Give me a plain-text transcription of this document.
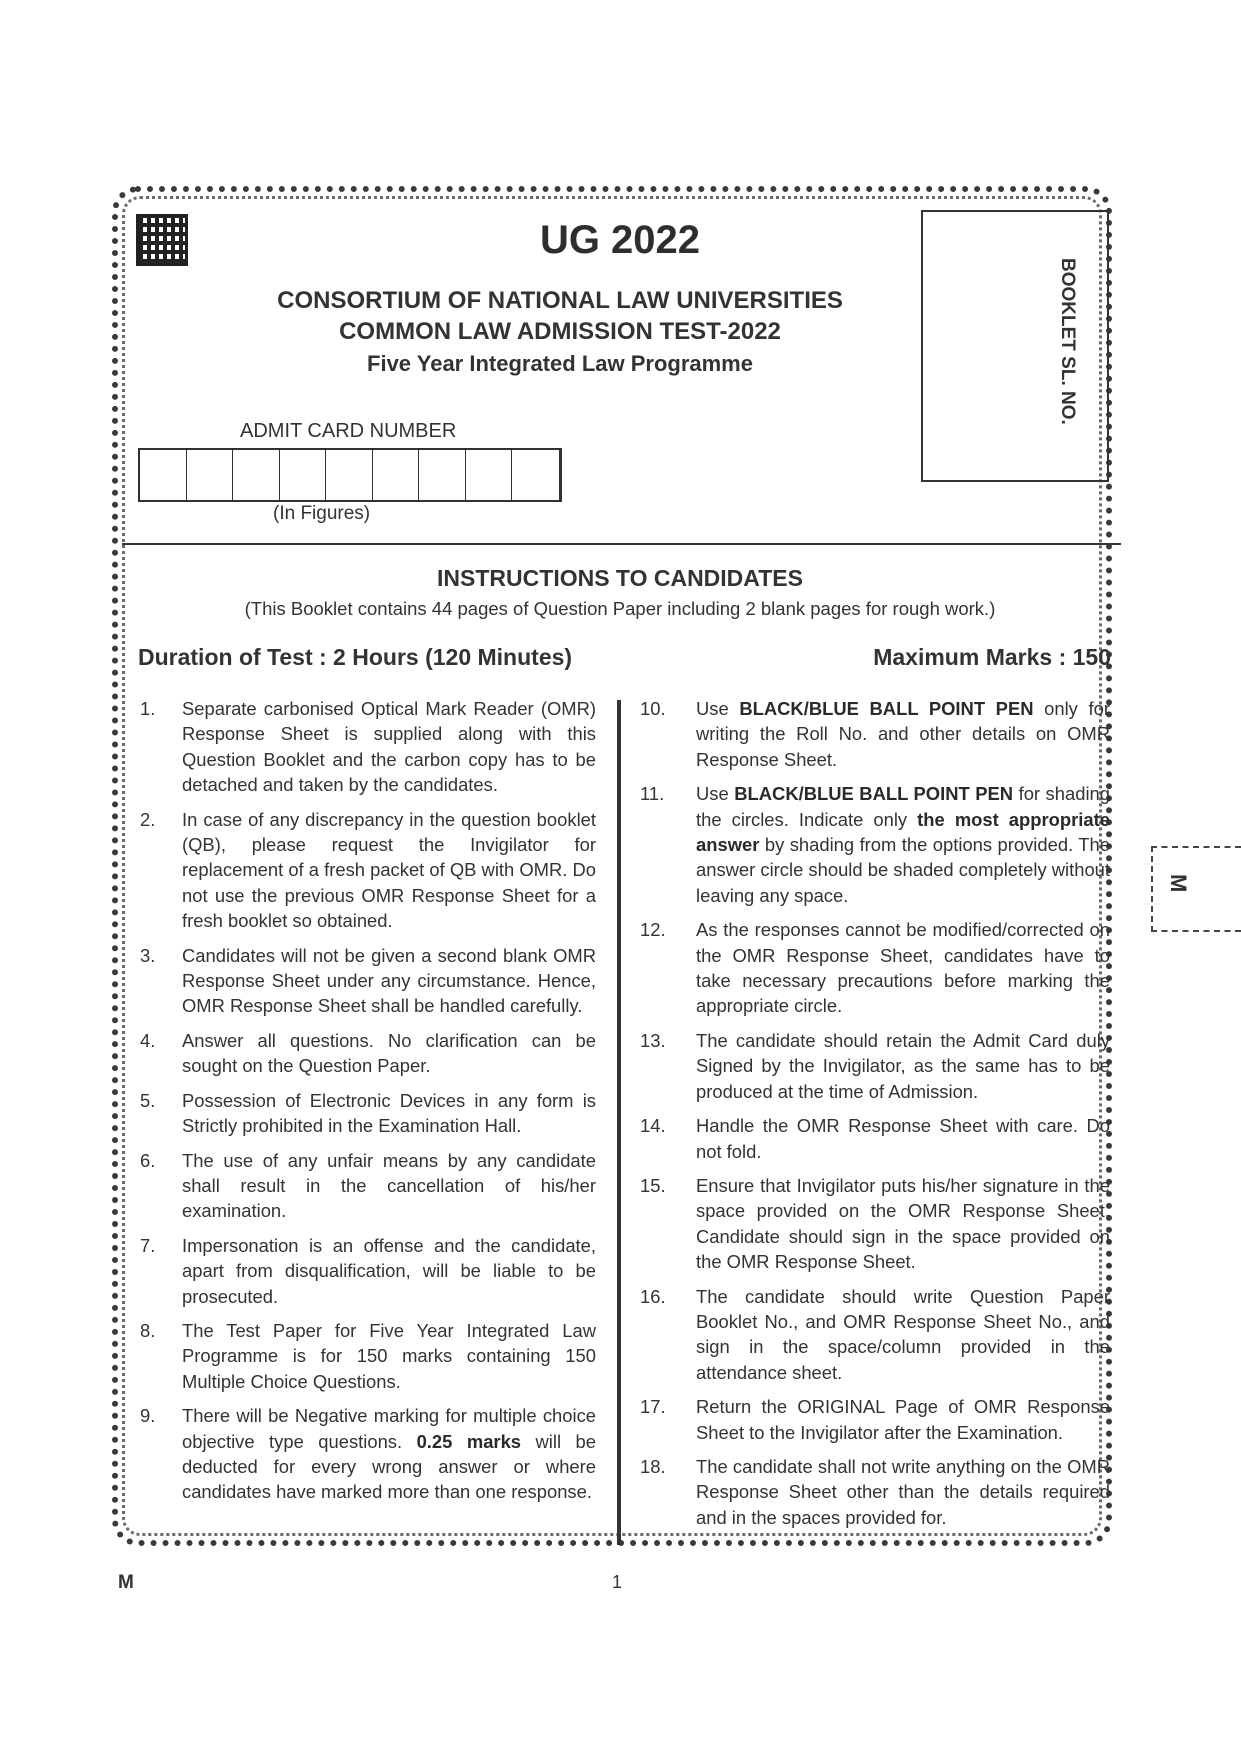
UG 2022
CONSORTIUM OF NATIONAL LAW UNIVERSITIES
COMMON LAW ADMISSION TEST-2022
Five Year Integrated Law Programme
ADMIT CARD NUMBER
(In Figures)
BOOKLET SL. NO.
INSTRUCTIONS TO CANDIDATES
(This Booklet contains 44 pages of Question Paper including 2 blank pages for rough work.)
Duration of Test : 2 Hours (120 Minutes)	Maximum Marks : 150
1.	Separate carbonised Optical Mark Reader (OMR) Response Sheet is supplied along with this Question Booklet and the carbon copy has to be detached and taken by the candidates.
2.	In case of any discrepancy in the question booklet (QB), please request the Invigilator for replacement of a fresh packet of QB with OMR. Do not use the previous OMR Response Sheet for a fresh booklet so obtained.
3.	Candidates will not be given a second blank OMR Response Sheet under any circumstance. Hence, OMR Response Sheet shall be handled carefully.
4.	Answer all questions. No clarification can be sought on the Question Paper.
5.	Possession of Electronic Devices in any form is Strictly prohibited in the Examination Hall.
6.	The use of any unfair means by any candidate shall result in the cancellation of his/her examination.
7.	Impersonation is an offense and the candidate, apart from disqualification, will be liable to be prosecuted.
8.	The Test Paper for Five Year Integrated Law Programme is for 150 marks containing 150 Multiple Choice Questions.
9.	There will be Negative marking for multiple choice objective type questions. 0.25 marks will be deducted for every wrong answer or where candidates have marked more than one response.
10.	Use BLACK/BLUE BALL POINT PEN only for writing the Roll No. and other details on OMR Response Sheet.
11.	Use BLACK/BLUE BALL POINT PEN for shading the circles. Indicate only the most appropriate answer by shading from the options provided. The answer circle should be shaded completely without leaving any space.
12.	As the responses cannot be modified/corrected on the OMR Response Sheet, candidates have to take necessary precautions before marking the appropriate circle.
13.	The candidate should retain the Admit Card duly Signed by the Invigilator, as the same has to be produced at the time of Admission.
14.	Handle the OMR Response Sheet with care. Do not fold.
15.	Ensure that Invigilator puts his/her signature in the space provided on the OMR Response Sheet. Candidate should sign in the space provided on the OMR Response Sheet.
16.	The candidate should write Question Paper Booklet No., and OMR Response Sheet No., and sign in the space/column provided in the attendance sheet.
17.	Return the ORIGINAL Page of OMR Response Sheet to the Invigilator after the Examination.
18.	The candidate shall not write anything on the OMR Response Sheet other than the details required and in the spaces provided for.
M
M	1
